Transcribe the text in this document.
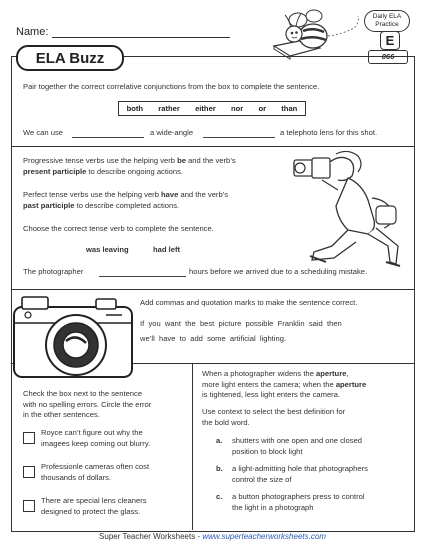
Name:
Daily ELA
Practice
E
066
ELA Buzz
Pair together the correct correlative conjunctions from the box to complete the sentence.
both rather either nor or than
We can use	a wide-angle	a telephoto lens for this shot.
Progressive tense verbs use the helping verb be and the verb’s
present participle to describe ongoing actions.
Perfect tense verbs use the helping verb have and the verb’s
past participle to describe completed actions.
Choose the correct tense verb to complete the sentence.
was leaving	had left
The photographer	hours before we arrived due to a scheduling mistake.
Add commas and quotation marks to make the sentence correct.
If  you  want  the  best  picture  possible  Franklin  said  then
we’ll  have  to  add  some  artificial  lighting.
Check the box next to the sentence
with no spelling errors. Circle the error
in the other sentences.
Royce can’t figure out why the
imagees keep coming out blurry.
Professionle cameras often cost
thousands of dollars.
There are special lens cleaners
designed to protect the glass.
When a photographer widens the aperture,
more light enters the camera; when the aperture
is tightened, less light enters the camera.
Use context to select the best definition for
the bold word.
a. shutters with one open and one closed
position to block light
b. a light-admitting hole that photographers
control the size of
c. a button photographers press to control
the light in a photograph
Super Teacher Worksheets - www.superteacherworksheets.com
